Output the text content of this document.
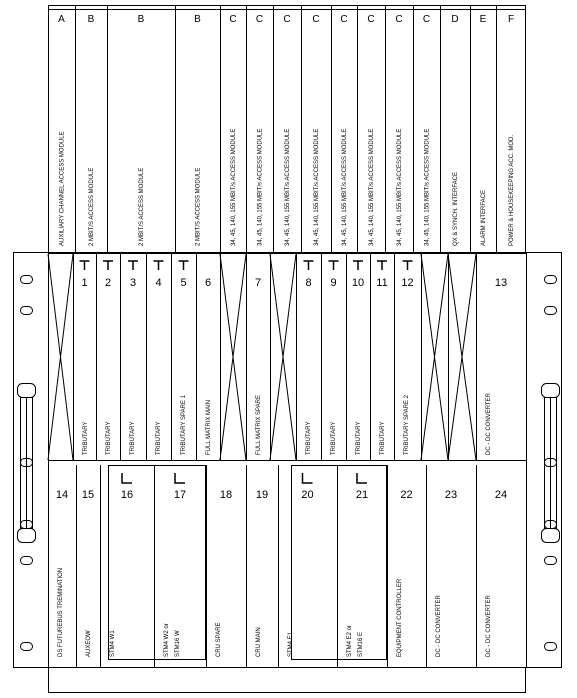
A
AUXILIARY CHANNEL ACCESS MODULE
B
2 MBIT/S ACCESS MODULE
B
2 MBIT/S ACCESS MODULE
B
2 MBIT/S ACCESS MODULE
C
34, 45, 140, 155 MBIT/s ACCESS MODULE
C
34, 45, 140, 155 MBIT/s ACCESS MODULE
C
34, 45, 140, 155 MBIT/s ACCESS MODULE
C
34, 45, 140, 155 MBIT/s ACCESS MODULE
C
34, 45, 140, 155 MBIT/s ACCESS MODULE
C
34, 45, 140, 155 MBIT/s ACCESS MODULE
C
34, 45, 140, 155 MBIT/s ACCESS MODULE
C
34, 45, 140, 155 MBIT/s ACCESS MODULE
D
QX & SYNCH. INTERFACE
E
ALARM INTERFACE
F
POWER & HOUSEKEEPING ACC. MOD.
1
TRIBUTARY
2
TRIBUTARY
3
TRIBUTARY
4
TRIBUTARY
5
TRIBUTARY SPARE 1
6
FULL MATRIX MAIN
7
FULL MATRIX SPARE
8
TRIBUTARY
9
TRIBUTARY
10
TRIBUTARY
11
TRIBUTARY
12
TRIBUTARY SPARE 2
13
DC - DC CONVERTER
14
DS FUTUREBUS TREMINATION
15
AUXEOW
16
STM4 W1
17
STM4 W2 or STM16 W
18
CRU SPARE
19
CRU MAIN
20
STM4 E1
21
STM4 E2 or STM16 E
22
EQUIPMENT CONTROLLER
23
DC - DC CONVERTER
24
DC - DC CONVERTER
